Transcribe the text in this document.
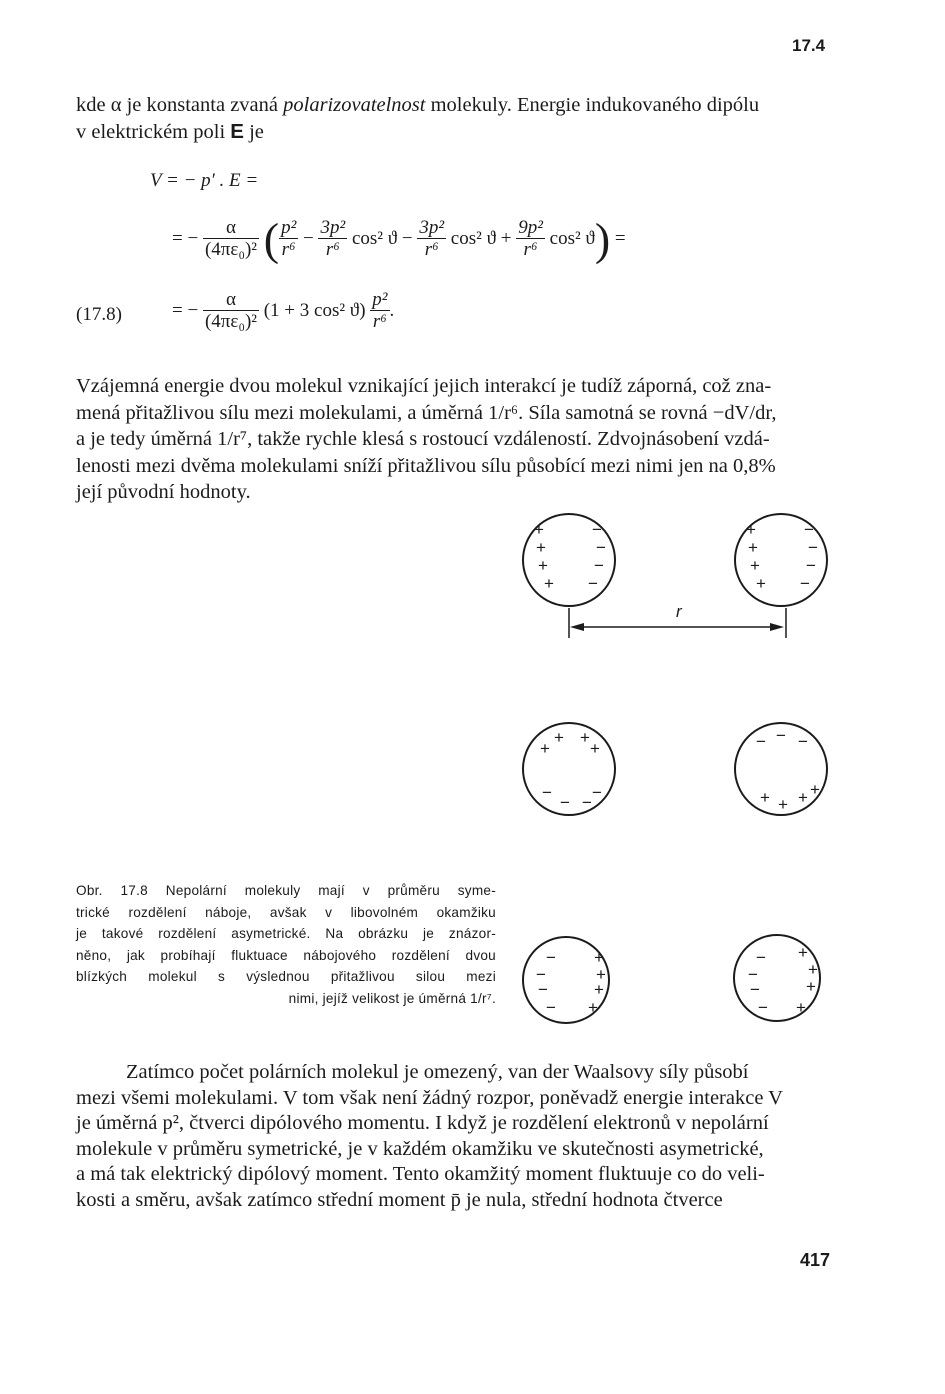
17.4
kde α je konstanta zvaná polarizovatelnost molekuly. Energie indukovaného dipólu
v elektrickém poli E je
V = − p′ . E =
= − $\frac{\alpha}{\text{(4πε₀)²}}$ ( $\frac{\text{p²}}{\text{r⁶}} - \frac{\text{3p²}}{\text{r⁶}} \cos^2$ $ϑ - \frac{\text{3p²}}{\text{r⁶}} \cos^2$ $ϑ + \frac{\text{9p²}}{\text{r⁶}} \cos^2$ ϑ) =
(17.8)	= − $\frac{\alpha}{\text{(4πε₀)²}} (1 + 3$ cos² $ϑ) \frac{\text{p²}}{\text{r⁶}}$ .
Vzájemná energie dvou molekul vznikající jejich interakcí je tudíž záporná, což zna-
mená přitažlivou sílu mezi molekulami, a úměrná 1/r⁶. Síla samotná se rovná −dV/dr,
a je tedy úměrná 1/r⁷, takže rychle klesá s rostoucí vzdáleností. Zdvojnásobení vzdá-
lenosti mezi dvěma molekulami sníží přitažlivou sílu působící mezi nimi jen na 0,8%
její původní hodnoty.
r
+
+
+
+
−
−
−
−
+
+
+
+
−
−
−
−
+
+ +
+
−
− −
−
− − −
+ + + +
−
−
−
−
+
+
+
+
−
−
−
−
+
+
+
+
Obr. 17.8 Nepolární molekuly mají v průměru syme-
trické rozdělení náboje, avšak v libovolném okamžiku
je takové rozdělení asymetrické. Na obrázku je znázor-
něno, jak probíhají fluktuace nábojového rozdělení dvou
blízkých molekul s výslednou přitažlivou silou mezi
nimi, jejíž velikost je úměrná 1/r⁷.
Zatímco počet polárních molekul je omezený, van der Waalsovy síly působí
mezi všemi molekulami. V tom však není žádný rozpor, poněvadž energie interakce V
je úměrná p², čtverci dipólového momentu. I když je rozdělení elektronů v nepolární
molekule v průměru symetrické, je v každém okamžiku ve skutečnosti asymetrické,
a má tak elektrický dipólový moment. Tento okamžitý moment fluktuuje co do veli-
kosti a směru, avšak zatímco střední moment p̄ je nula, střední hodnota čtverce
417
